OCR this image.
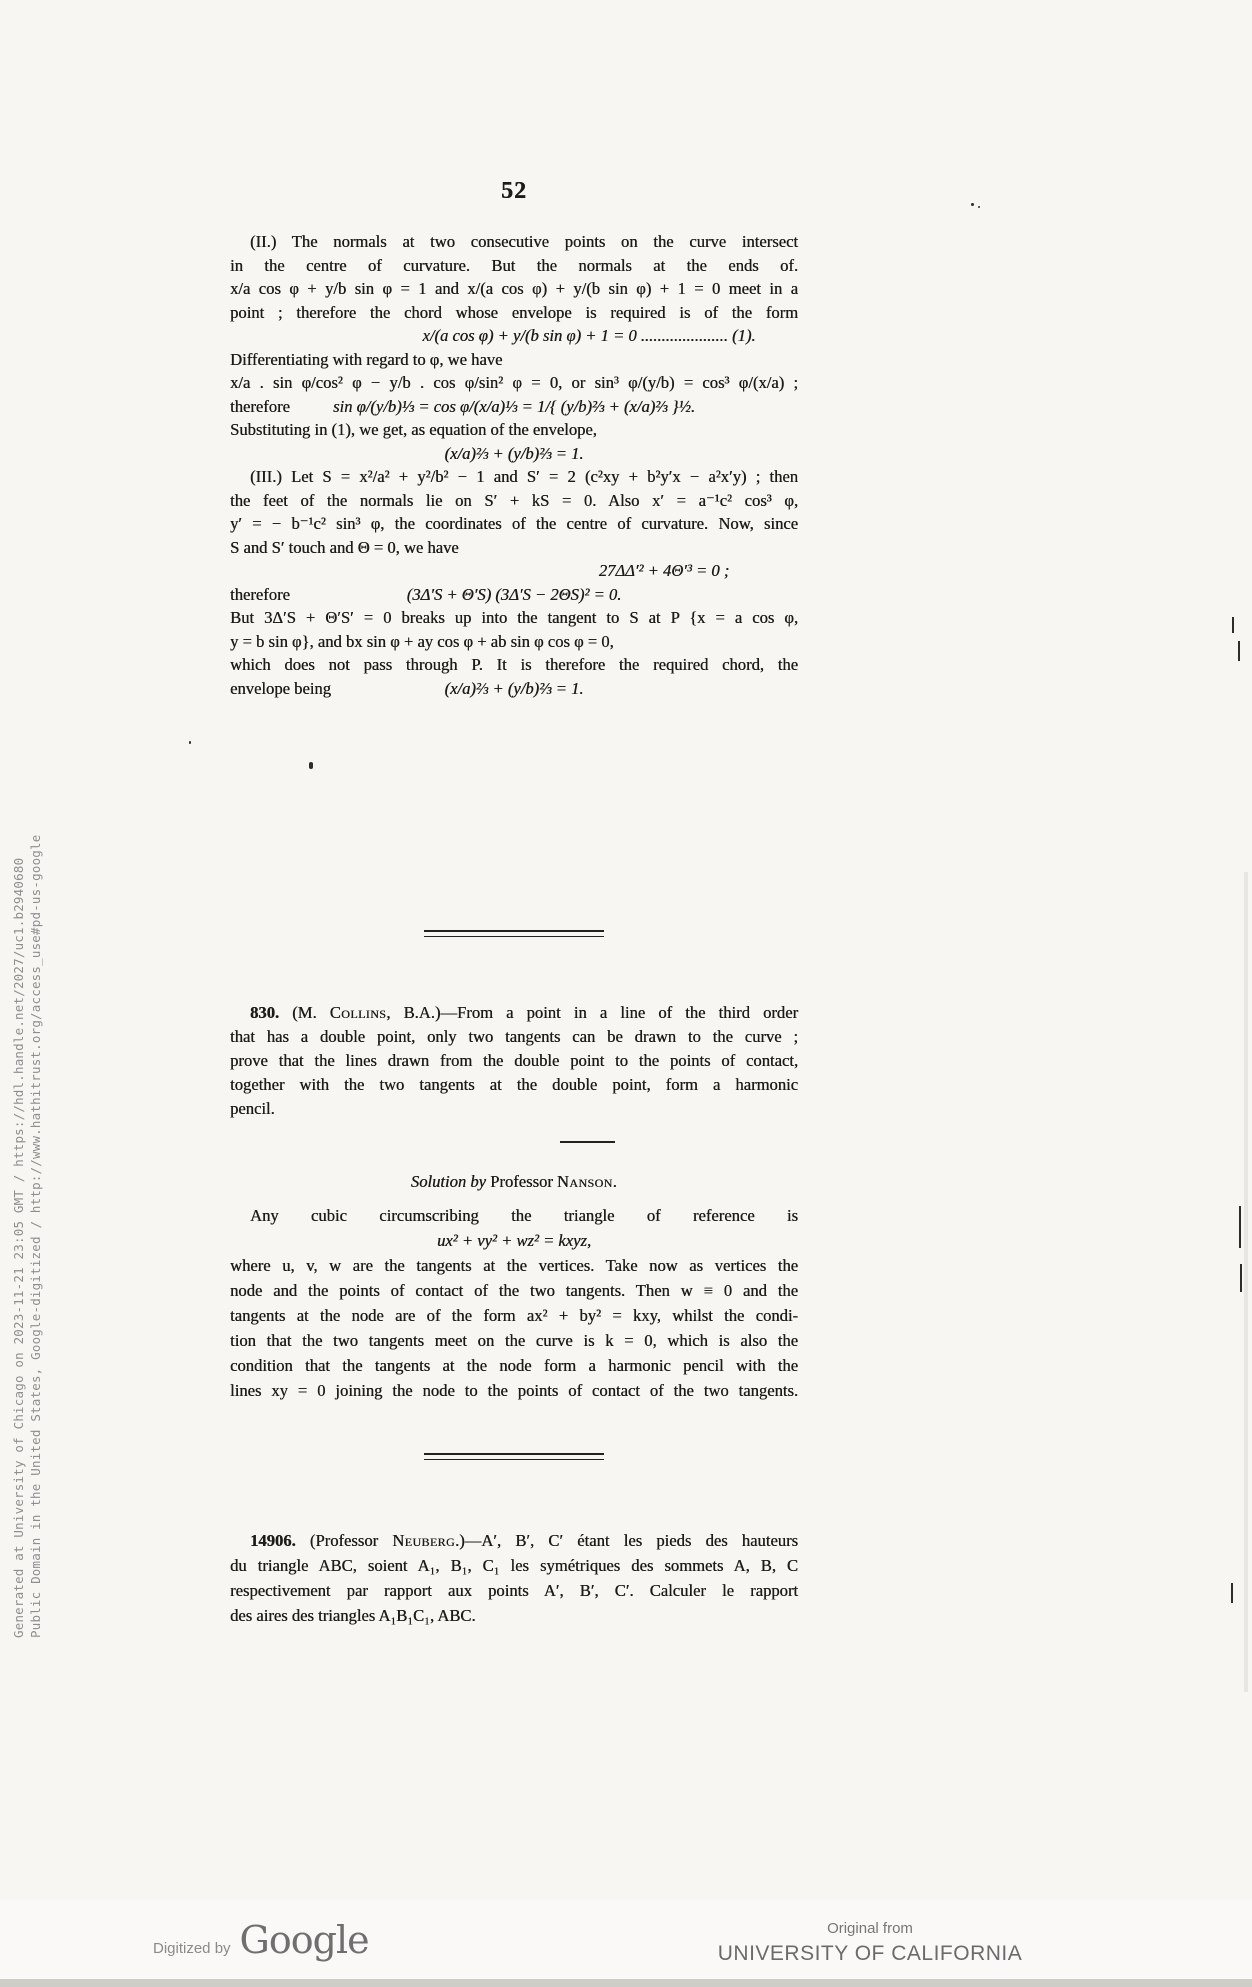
52
(II.) The normals at two consecutive points on the curve intersect
in the centre of curvature. But the normals at the ends of.
x/a cos φ + y/b sin φ = 1 and x/(a cos φ) + y/(b sin φ) + 1 = 0 meet in a
point ; therefore the chord whose envelope is required is of the form
x/(a cos φ) + y/(b sin φ) + 1 = 0 ..................... (1).
Differentiating with regard to φ, we have
x/a . sin φ/cos² φ − y/b . cos φ/sin² φ = 0, or sin³ φ/(y/b) = cos³ φ/(x/a) ;
therefore	sin φ/(y/b)⅓ = cos φ/(x/a)⅓ = 1/{ (y/b)⅔ + (x/a)⅔ }½.
Substituting in (1), we get, as equation of the envelope,
(x/a)⅔ + (y/b)⅔ = 1.
(III.) Let S = x²/a² + y²/b² − 1 and S′ = 2 (c²xy + b²y′x − a²x′y) ; then
the feet of the normals lie on S′ + kS = 0. Also x′ = a⁻¹c² cos³ φ,
y′ = − b⁻¹c² sin³ φ, the coordinates of the centre of curvature. Now, since
S and S′ touch and Θ = 0, we have
27ΔΔ′² + 4Θ′³ = 0 ;
therefore	(3Δ′S + Θ′S) (3Δ′S − 2ΘS)² = 0.
But 3Δ′S + Θ′S′ = 0 breaks up into the tangent to S at P {x = a cos φ,
y = b sin φ}, and bx sin φ + ay cos φ + ab sin φ cos φ = 0,
which does not pass through P. It is therefore the required chord, the
envelope being	(x/a)⅔ + (y/b)⅔ = 1.
830. (M. Collins, B.A.)—From a point in a line of the third order
that has a double point, only two tangents can be drawn to the curve ;
prove that the lines drawn from the double point to the points of contact,
together with the two tangents at the double point, form a harmonic
pencil.
Solution by Professor Nanson.
Any cubic circumscribing the triangle of reference is
ux² + vy² + wz² = kxyz,
where u, v, w are the tangents at the vertices. Take now as vertices the
node and the points of contact of the two tangents. Then w ≡ 0 and the
tangents at the node are of the form ax² + by² = kxy, whilst the condi-
tion that the two tangents meet on the curve is k = 0, which is also the
condition that the tangents at the node form a harmonic pencil with the
lines xy = 0 joining the node to the points of contact of the two tangents.
14906. (Professor Neuberg.)—A′, B′, C′ étant les pieds des hauteurs
du triangle ABC, soient A₁, B₁, C₁ les symétriques des sommets A, B, C
respectivement par rapport aux points A′, B′, C′. Calculer le rapport
des aires des triangles A₁B₁C₁, ABC.
Generated at University of Chicago on 2023-11-21 23:05 GMT / https://hdl.handle.net/2027/uc1.b2940680 Public Domain in the United States, Google-digitized / http://www.hathitrust.org/access_use#pd-us-google
Digitized by Google	Original from
UNIVERSITY OF CALIFORNIA
